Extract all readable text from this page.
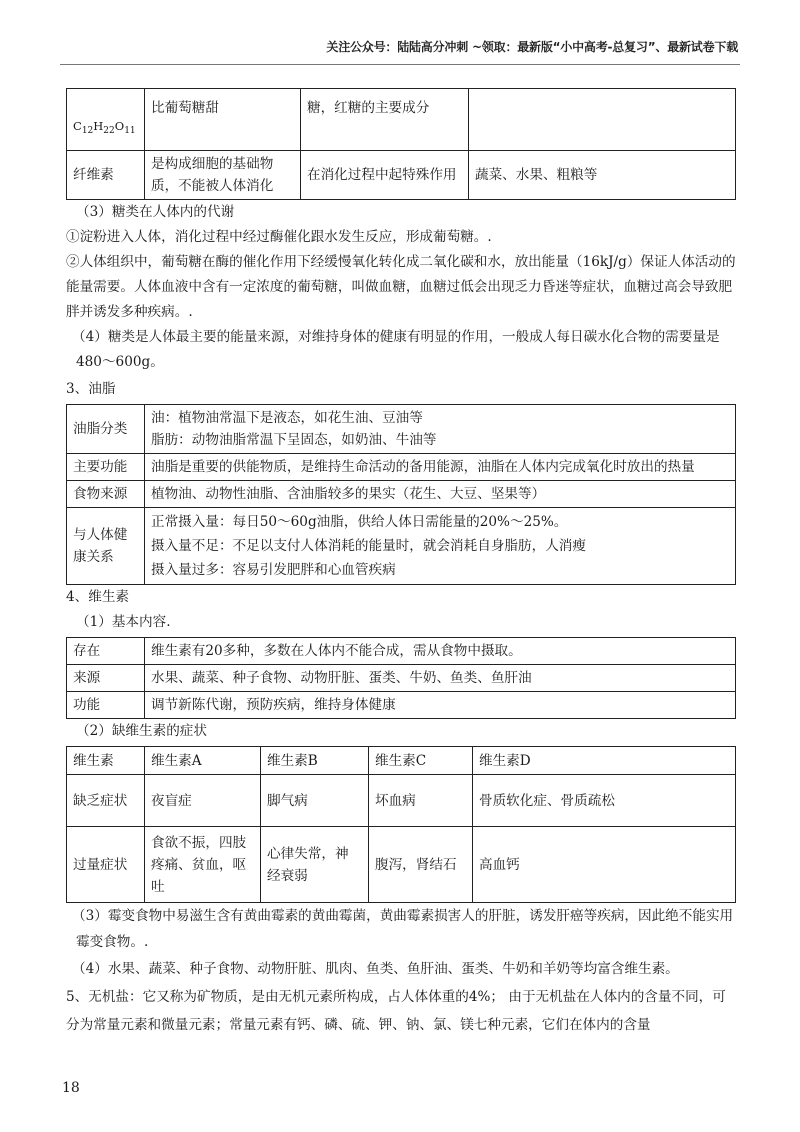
关注公众号：陆陆高分冲刺 ~领取：最新版“小中高考-总复习”、最新试卷下载
$C_{12}H_{22}O_{11}$	比葡萄糖甜	糖，红糖的主要成分	
纤维素	是构成细胞的基础物质，不能被人体消化	在消化过程中起特殊作用	蔬菜、水果、粗粮等

（3）糖类在人体内的代谢

①淀粉进入人体，消化过程中经过酶催化跟水发生反应，形成葡萄糖。.

②人体组织中，葡萄糖在酶的催化作用下经缓慢氧化转化成二氧化碳和水，放出能量（16kJ/g）保证人体活动的能量需要。人体血液中含有一定浓度的葡萄糖，叫做血糖，血糖过低会出现乏力昏迷等症状，血糖过高会导致肥胖并诱发多种疾病。.

（4）糖类是人体最主要的能量来源，对维持身体的健康有明显的作用，一般成人每日碳水化合物的需要量是480～600g。

3、油脂

油脂分类	油：植物油常温下是液态，如花生油、豆油等
脂肪：动物油脂常温下呈固态，如奶油、牛油等

主要功能	油脂是重要的供能物质，是维持生命活动的备用能源，油脂在人体内完成氧化时放出的热量
食物来源	植物油、动物性油脂、含油脂较多的果实（花生、大豆、坚果等）
与人体健康关系	正常摄入量：每日50～60g油脂，供给人体日需能量的20%～25%。
摄入量不足：不足以支付人体消耗的能量时，就会消耗自身脂肪，人消瘦
摄入量过多：容易引发肥胖和心血管疾病

4、维生素

（1）基本内容.

存在	维生素有20多种，多数在人体内不能合成，需从食物中摄取。
来源	水果、蔬菜、种子食物、动物肝脏、蛋类、牛奶、鱼类、鱼肝油
功能	调节新陈代谢，预防疾病，维持身体健康

（2）缺维生素的症状

维生素	维生素A	维生素B	维生素C	维生素D
缺乏症状	夜盲症	脚气病	坏血病	骨质软化症、骨质疏松
过量症状	食欲不振，四肢疼痛、贫血，呕吐	心律失常，神经衰弱	腹泻，肾结石	高血钙

（3）霉变食物中易滋生含有黄曲霉素的黄曲霉菌，黄曲霉素损害人的肝脏，诱发肝癌等疾病，因此绝不能实用霉变食物。.

（4）水果、蔬菜、种子食物、动物肝脏、肌肉、鱼类、鱼肝油、蛋类、牛奶和羊奶等均富含维生素。

5、无机盐：它又称为矿物质，是由无机元素所构成，占人体体重的4%； 由于无机盐在人体内的含量不同，可分为常量元素和微量元素；常量元素有钙、磷、硫、钾、钠、氯、镁七种元素，它们在体内的含量

18
